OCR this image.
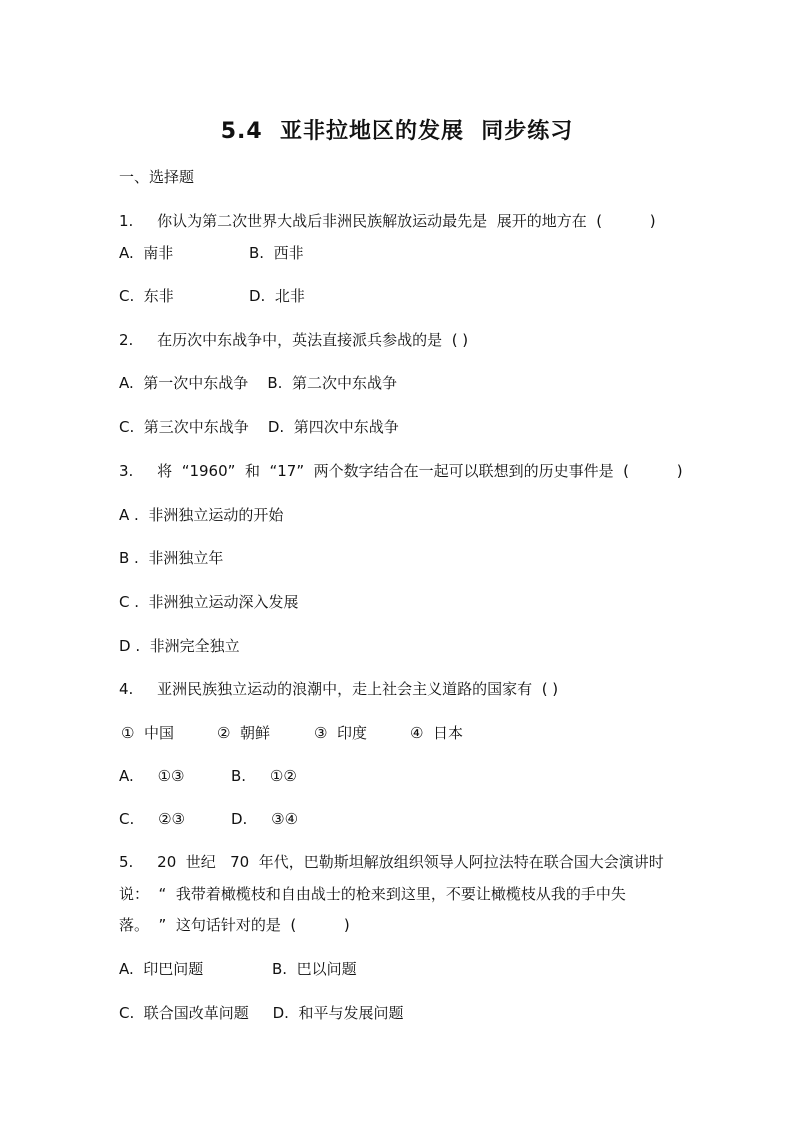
5.4  亚非拉地区的发展  同步练习
一、选择题
1.     你认为第二次世界大战后非洲民族解放运动最先是  展开的地方在  (          )
A.  南非	B.  西非
C.  东非	D.  北非
2.     在历次中东战争中，英法直接派兵参战的是  ( )
A.  第一次中东战争    B.  第二次中东战争
C.  第三次中东战争    D.  第四次中东战争
3.     将  “1960”  和  “17”  两个数字结合在一起可以联想到的历史事件是  (          )
A .  非洲独立运动的开始
B .  非洲独立年
C .  非洲独立运动深入发展
D .  非洲完全独立
4.     亚洲民族独立运动的浪潮中，走上社会主义道路的国家有  ( )
①  中国	②  朝鲜	③  印度	④  日本
A.     ①③	B.     ①②
C.     ②③	D.     ③④
5.     20  世纪   70  年代，巴勒斯坦解放组织领导人阿拉法特在联合国大会演讲时
说：  “  我带着橄榄枝和自由战士的枪来到这里，不要让橄榄枝从我的手中失
落。  ”  这句话针对的是  (          )
A.  印巴问题	B.  巴以问题
C.  联合国改革问题     D.  和平与发展问题
